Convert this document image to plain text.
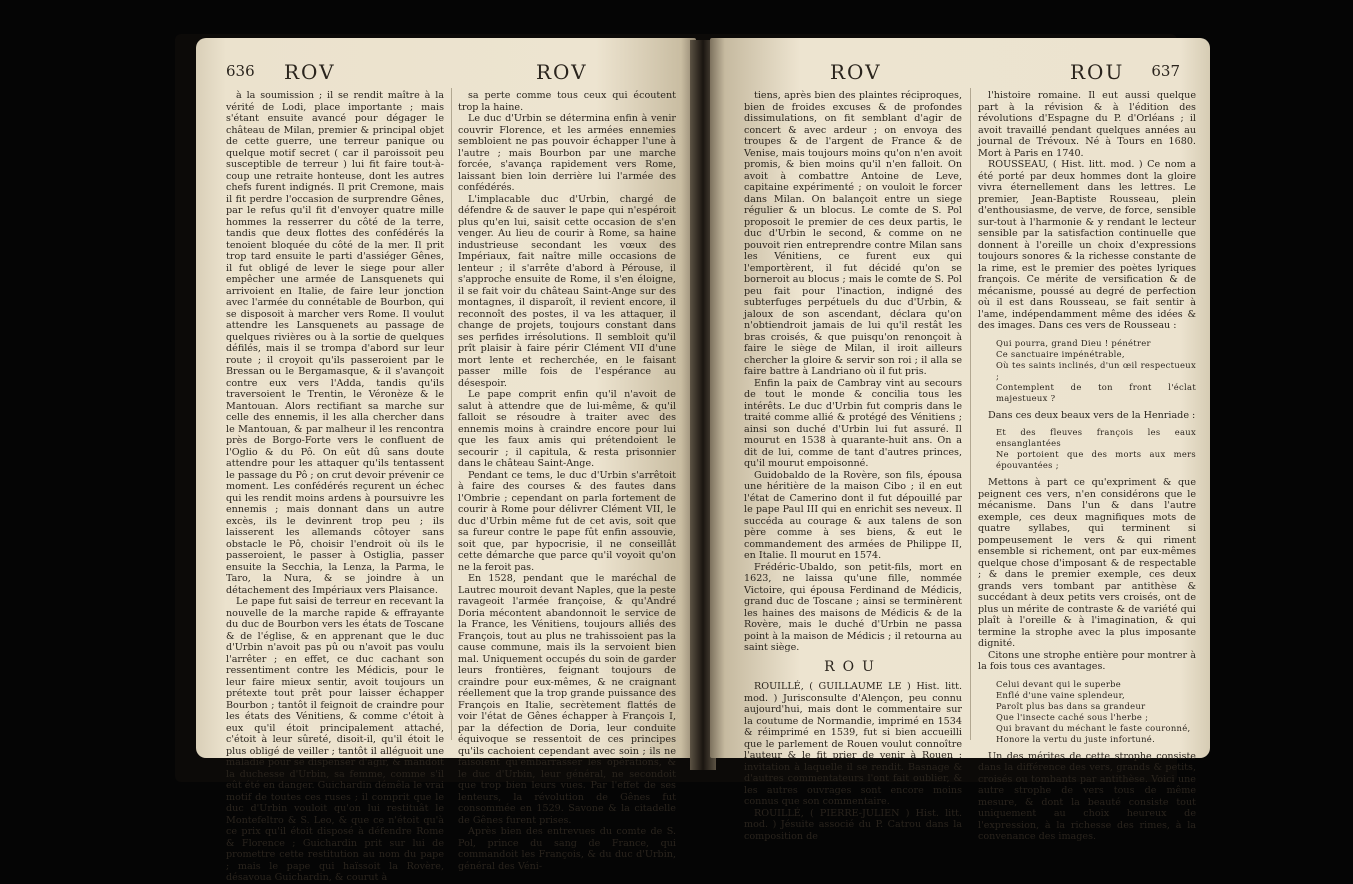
636 ROV	ROV

à la soumission ; il se rendit maître à la vérité de Lodi, place importante ; mais s'étant ensuite avancé pour dégager le château de Milan, premier & principal objet de cette guerre, une terreur panique ou quelque motif secret ( car il paroissoit peu susceptible de terreur ) lui fit faire tout-à-coup une retraite honteuse, dont les autres chefs furent indignés. Il prit Cremone, mais il fit perdre l'occasion de surprendre Gênes, par le refus qu'il fit d'envoyer quatre mille hommes la resserrer du côté de la terre, tandis que deux flottes des confédérés la tenoient bloquée du côté de la mer. Il prit trop tard ensuite le parti d'assiéger Gênes, il fut obligé de lever le siege pour aller empêcher une armée de Lansquenets qui arrivoient en Italie, de faire leur jonction avec l'armée du connétable de Bourbon, qui se disposoit à marcher vers Rome. Il voulut attendre les Lansquenets au passage de quelques rivières ou à la sortie de quelques défilés, mais il se trompa d'abord sur leur route ; il croyoit qu'ils passeroient par le Bressan ou le Bergamasque, & il s'avançoit contre eux vers l'Adda, tandis qu'ils traversoient le Trentin, le Véronèze & le Mantouan. Alors rectifiant sa marche sur celle des ennemis, il les alla chercher dans le Mantouan, & par malheur il les rencontra près de Borgo-Forte vers le confluent de l'Oglio & du Pô. On eût dû sans doute attendre pour les attaquer qu'ils tentassent le passage du Pô ; on crut devoir prévenir ce moment. Les confédérés reçurent un échec qui les rendit moins ardens à poursuivre les ennemis ; mais donnant dans un autre excès, ils le devinrent trop peu ; ils laisserent les allemands côtoyer sans obstacle le Pô, choisir l'endroit où ils le passeroient, le passer à Ostiglia, passer ensuite la Secchia, la Lenza, la Parma, le Taro, la Nura, & se joindre à un détachement des Impériaux vers Plaisance.

Le pape fut saisi de terreur en recevant la nouvelle de la marche rapide & effrayante du duc de Bourbon vers les états de Toscane & de l'église, & en apprenant que le duc d'Urbin n'avoit pas pû ou n'avoit pas voulu l'arrêter ; en effet, ce duc cachant son ressentiment contre les Médicis, pour le leur faire mieux sentir, avoit toujours un prétexte tout prêt pour laisser échapper Bourbon ; tantôt il feignoit de craindre pour les états des Vénitiens, & comme c'étoit à eux qu'il étoit principalement attaché, c'étoit à leur sûreté, disoit-il, qu'il étoit le plus obligé de veiller ; tantôt il alléguoit une maladie pour se dispenser d'agir, & mandoit la duchesse d'Urbin, sa femme, comme s'il eût été en danger. Guichardin démêla le vrai motif de toutes ces ruses ; il comprit que le duc d'Urbin vouloit qu'on lui restituât le Montefeltro & S. Leo, & que ce n'étoit qu'à ce prix qu'il étoit disposé à défendre Rome & Florence ; Guichardin prit sur lui de promettre cette restitution au nom du pape ; mais le pape qui haïssoit la Rovère, désavoua Guichardin, & courut à

sa perte comme tous ceux qui écoutent trop la haine.

Le duc d'Urbin se détermina enfin à venir couvrir Florence, et les armées ennemies sembloient ne pas pouvoir échapper l'une à l'autre ; mais Bourbon par une marche forcée, s'avança rapidement vers Rome, laissant bien loin derrière lui l'armée des confédérés.

L'implacable duc d'Urbin, chargé de défendre & de sauver le pape qui n'espéroit plus qu'en lui, saisit cette occasion de s'en venger. Au lieu de courir à Rome, sa haine industrieuse secondant les vœux des Impériaux, fait naître mille occasions de lenteur ; il s'arrête d'abord à Pérouse, il s'approche ensuite de Rome, il s'en éloigne, il se fait voir du château Saint-Ange sur des montagnes, il disparoît, il revient encore, il reconnoît des postes, il va les attaquer, il change de projets, toujours constant dans ses perfides irrésolutions. Il sembloit qu'il prît plaisir à faire périr Clément VII d'une mort lente et recherchée, en le faisant passer mille fois de l'espérance au désespoir.

Le pape comprit enfin qu'il n'avoit de salut à attendre que de lui-même, & qu'il falloit se résoudre à traiter avec des ennemis moins à craindre encore pour lui que les faux amis qui prétendoient le secourir ; il capitula, & resta prisonnier dans le château Saint-Ange.

Pendant ce tems, le duc d'Urbin s'arrêtoit à faire des courses & des fautes dans l'Ombrie ; cependant on parla fortement de courir à Rome pour délivrer Clément VII, le duc d'Urbin même fut de cet avis, soit que sa fureur contre le pape fût enfin assouvie, soit que, par hypocrisie, il ne conseillât cette démarche que parce qu'il voyoit qu'on ne la feroit pas.

En 1528, pendant que le maréchal de Lautrec mouroit devant Naples, que la peste ravageoit l'armée françoise, & qu'André Doria mécontent abandonnoit le service de la France, les Vénitiens, toujours alliés des François, tout au plus ne trahissoient pas la cause commune, mais ils la servoient bien mal. Uniquement occupés du soin de garder leurs frontières, feignant toujours de craindre pour eux-mêmes, & ne craignant réellement que la trop grande puissance des François en Italie, secrètement flattés de voir l'état de Gênes échapper à François I, par la défection de Doria, leur conduite équivoque se ressentoit de ces principes qu'ils cachoient cependant avec soin ; ils ne faisoient qu'embarrasser les opérations, & le duc d'Urbin, leur général, ne secondoit que trop bien leurs vues. Par l'effet de ses lenteurs, la révolution de Gênes fut consommée en 1529. Savone & la citadelle de Gênes furent prises.

Après bien des entrevues du comte de S. Pol, prince du sang de France, qui commandoit les François, & du duc d'Urbin, général des Véni-

ROV	ROU 637

tiens, après bien des plaintes réciproques, bien de froides excuses & de profondes dissimulations, on fit semblant d'agir de concert & avec ardeur ; on envoya des troupes & de l'argent de France & de Venise, mais toujours moins qu'on n'en avoit promis, & bien moins qu'il n'en falloit. On avoit à combattre Antoine de Leve, capitaine expérimenté ; on vouloit le forcer dans Milan. On balançoit entre un siege régulier & un blocus. Le comte de S. Pol proposoit le premier de ces deux partis, le duc d'Urbin le second, & comme on ne pouvoit rien entreprendre contre Milan sans les Vénitiens, ce furent eux qui l'emportèrent, il fut décidé qu'on se borneroit au blocus ; mais le comte de S. Pol peu fait pour l'inaction, indigné des subterfuges perpétuels du duc d'Urbin, & jaloux de son ascendant, déclara qu'on n'obtiendroit jamais de lui qu'il restât les bras croisés, & que puisqu'on renonçoit à faire le siège de Milan, il iroit ailleurs chercher la gloire & servir son roi ; il alla se faire battre à Landriano où il fut pris.

Enfin la paix de Cambray vint au secours de tout le monde & concilia tous les intérêts. Le duc d'Urbin fut compris dans le traité comme allié & protégé des Vénitiens ; ainsi son duché d'Urbin lui fut assuré. Il mourut en 1538 à quarante-huit ans. On a dit de lui, comme de tant d'autres princes, qu'il mourut empoisonné.

Guidobaldo de la Rovère, son fils, épousa une héritière de la maison Cibo ; il en eut l'état de Camerino dont il fut dépouillé par le pape Paul III qui en enrichit ses neveux. Il succéda au courage & aux talens de son père comme à ses biens, & eut le commandement des armées de Philippe II, en Italie. Il mourut en 1574.

Frédéric-Ubaldo, son petit-fils, mort en 1623, ne laissa qu'une fille, nommée Victoire, qui épousa Ferdinand de Médicis, grand duc de Toscane ; ainsi se terminèrent les haines des maisons de Médicis & de la Rovère, mais le duché d'Urbin ne passa point à la maison de Médicis ; il retourna au saint siège.

ROU

ROUILLÉ, ( GUILLAUME LE ) Hist. litt. mod. ) Jurisconsulte d'Alençon, peu connu aujourd'hui, mais dont le commentaire sur la coutume de Normandie, imprimé en 1534 & réimprimé en 1539, fut si bien accueilli que le parlement de Rouen voulut connoître l'auteur & le fit prier de venir à Rouen ; invitation à laquelle il se rendit. Basnage & d'autres commentateurs l'ont fait oublier, & les autres ouvrages sont encore moins connus que son commentaire.

ROUILLÉ, ( PIERRE-JULIEN ) Hist. litt. mod. ) Jésuite associé du P. Catrou dans la composition de

l'histoire romaine. Il eut aussi quelque part à la révision & à l'édition des révolutions d'Espagne du P. d'Orléans ; il avoit travaillé pendant quelques années au journal de Trévoux. Né à Tours en 1680. Mort à Paris en 1740.

ROUSSEAU, ( Hist. litt. mod. ) Ce nom a été porté par deux hommes dont la gloire vivra éternellement dans les lettres. Le premier, Jean-Baptiste Rousseau, plein d'enthousiasme, de verve, de force, sensible sur-tout à l'harmonie & y rendant le lecteur sensible par la satisfaction continuelle que donnent à l'oreille un choix d'expressions toujours sonores & la richesse constante de la rime, est le premier des poètes lyriques françois. Ce mérite de versification & de mécanisme, poussé au degré de perfection où il est dans Rousseau, se fait sentir à l'ame, indépendamment même des idées & des images. Dans ces vers de Rousseau :

Qui pourra, grand Dieu ! pénétrer
Ce sanctuaire impénétrable,
Où tes saints inclinés, d'un œil respectueux ;
Contemplent de ton front l'éclat majestueux ?

Dans ces deux beaux vers de la Henriade :

Et des fleuves françois les eaux ensanglantées
Ne portoient que des morts aux mers épouvantées ;

Mettons à part ce qu'expriment & que peignent ces vers, n'en considérons que le mécanisme. Dans l'un & dans l'autre exemple, ces deux magnifiques mots de quatre syllabes, qui terminent si pompeusement le vers & qui riment ensemble si richement, ont par eux-mêmes quelque chose d'imposant & de respectable ; & dans le premier exemple, ces deux grands vers tombant par antithèse & succédant à deux petits vers croisés, ont de plus un mérite de contraste & de variété qui plaît à l'oreille & à l'imagination, & qui termine la strophe avec la plus imposante dignité.

Citons une strophe entière pour montrer à la fois tous ces avantages.

Celui devant qui le superbe
Enflé d'une vaine splendeur,
Paroît plus bas dans sa grandeur
Que l'insecte caché sous l'herbe ;
Qui bravant du méchant le faste couronné,
Honore la vertu du juste infortuné.

Un des mérites de cette strophe consiste dans la différence des vers, grands & petits, croisés ou tombants par antithèse. Voici une autre strophe de vers tous de même mesure, & dont la beauté consiste tout uniquement au choix heureux de l'expression, à la richesse des rimes, à la convenance des images.
